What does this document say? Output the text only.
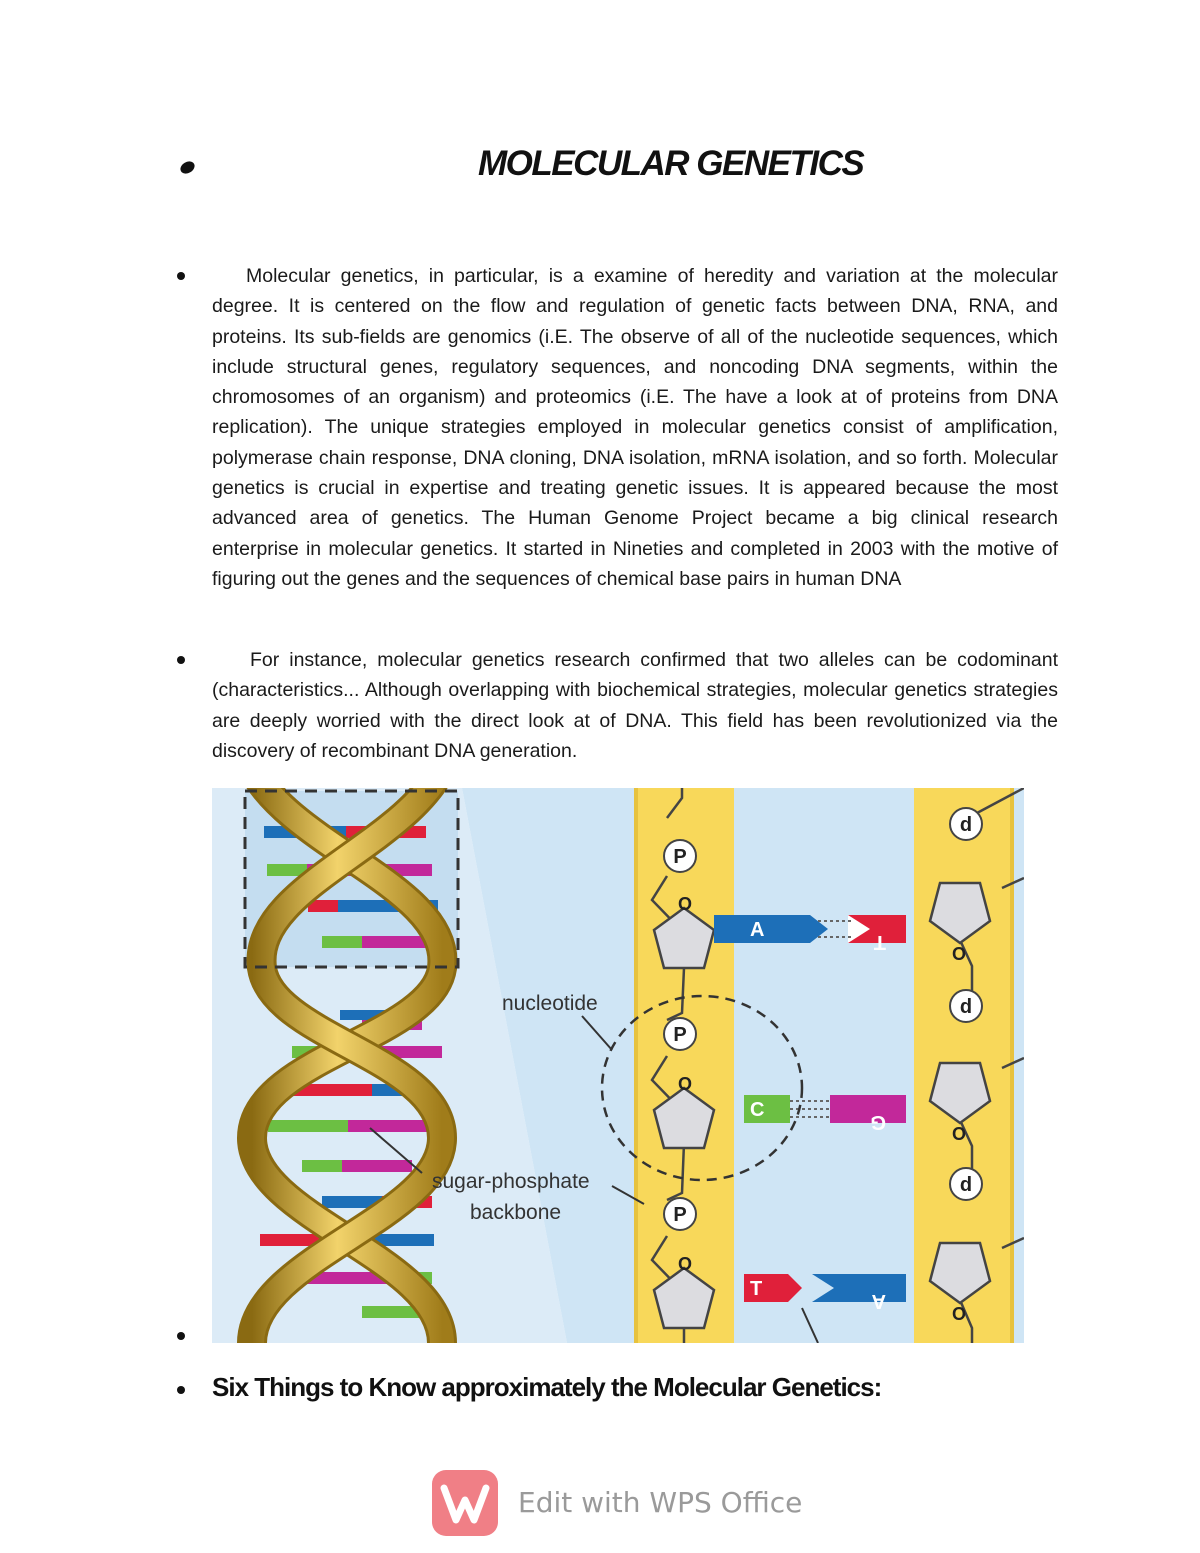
MOLECULAR GENETICS

Molecular genetics, in particular, is a examine of heredity and variation at the molecular degree. It is centered on the flow and regulation of genetic facts between DNA, RNA, and proteins. Its sub-fields are genomics (i.E. The observe of all of the nucleotide sequences, which include structural genes, regulatory sequences, and noncoding DNA segments, within the chromosomes of an organism) and proteomics (i.E. The have a look at of proteins from DNA replication). The unique strategies employed in molecular genetics consist of amplification, polymerase chain response, DNA cloning, DNA isolation, mRNA isolation, and so forth. Molecular genetics is crucial in expertise and treating genetic issues. It is appeared because the most advanced area of genetics. The Human Genome Project became a big clinical research enterprise in molecular genetics. It started in Nineties and completed in 2003 with the motive of figuring out the genes and the sequences of chemical base pairs in human DNA

For instance, molecular genetics research confirmed that two alleles can be codominant (characteristics... Although overlapping with biochemical strategies, molecular genetics strategies are deeply worried with the direct look at of DNA. This field has been revolutionized via the discovery of recombinant DNA generation.

P
P
P
d
d
d
O
O
O
O
O
O
A
T
C
G
T
A
nucleotide
sugar-phosphate
backbone
Six Things to Know approximately the Molecular Genetics:
Edit with WPS Office
